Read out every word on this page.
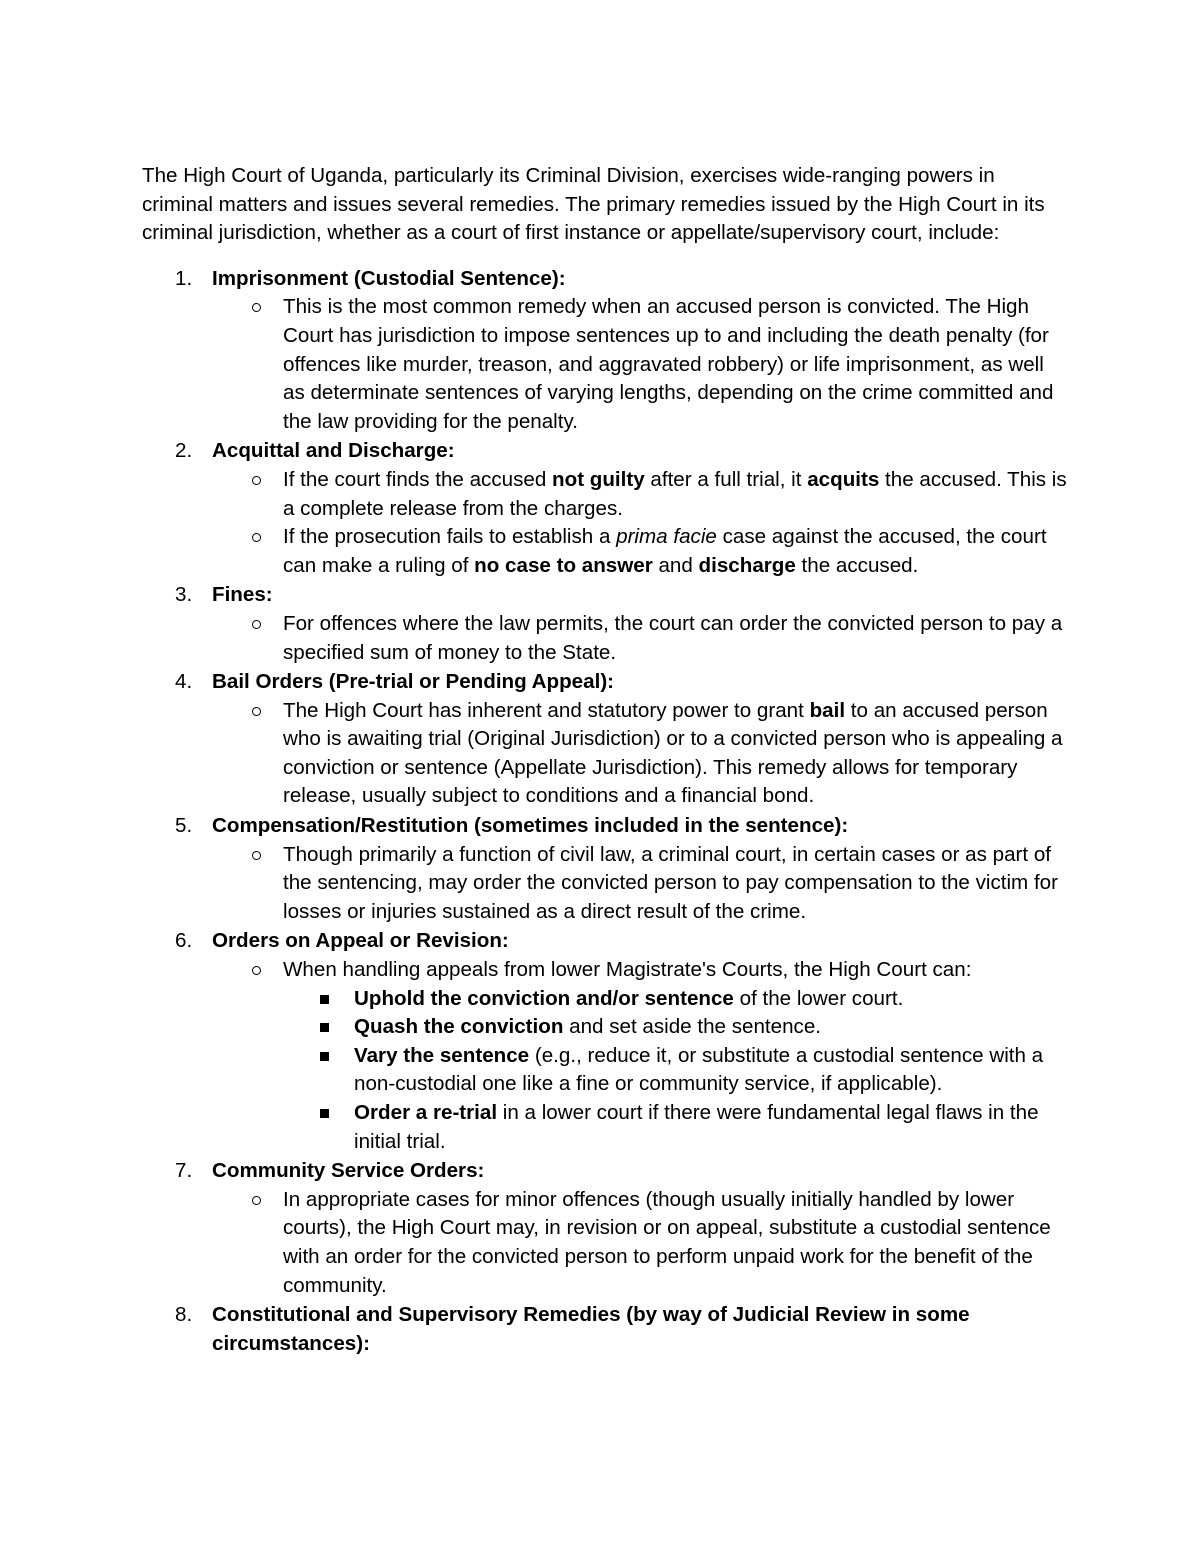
The High Court of Uganda, particularly its Criminal Division, exercises wide-ranging powers in criminal matters and issues several remedies. The primary remedies issued by the High Court in its criminal jurisdiction, whether as a court of first instance or appellate/supervisory court, include:

1. Imprisonment (Custodial Sentence):
This is the most common remedy when an accused person is convicted. The High Court has jurisdiction to impose sentences up to and including the death penalty (for offences like murder, treason, and aggravated robbery) or life imprisonment, as well as determinate sentences of varying lengths, depending on the crime committed and the law providing for the penalty.
2. Acquittal and Discharge:
If the court finds the accused not guilty after a full trial, it acquits the accused. This is a complete release from the charges.
If the prosecution fails to establish a prima facie case against the accused, the court can make a ruling of no case to answer and discharge the accused.
3. Fines:
For offences where the law permits, the court can order the convicted person to pay a specified sum of money to the State.
4. Bail Orders (Pre-trial or Pending Appeal):
The High Court has inherent and statutory power to grant bail to an accused person who is awaiting trial (Original Jurisdiction) or to a convicted person who is appealing a conviction or sentence (Appellate Jurisdiction). This remedy allows for temporary release, usually subject to conditions and a financial bond.
5. Compensation/Restitution (sometimes included in the sentence):
Though primarily a function of civil law, a criminal court, in certain cases or as part of the sentencing, may order the convicted person to pay compensation to the victim for losses or injuries sustained as a direct result of the crime.
6. Orders on Appeal or Revision:
When handling appeals from lower Magistrate's Courts, the High Court can:
Uphold the conviction and/or sentence of the lower court.
Quash the conviction and set aside the sentence.
Vary the sentence (e.g., reduce it, or substitute a custodial sentence with a non-custodial one like a fine or community service, if applicable).
Order a re-trial in a lower court if there were fundamental legal flaws in the initial trial.
7. Community Service Orders:
In appropriate cases for minor offences (though usually initially handled by lower courts), the High Court may, in revision or on appeal, substitute a custodial sentence with an order for the convicted person to perform unpaid work for the benefit of the community.
8. Constitutional and Supervisory Remedies (by way of Judicial Review in some circumstances):
